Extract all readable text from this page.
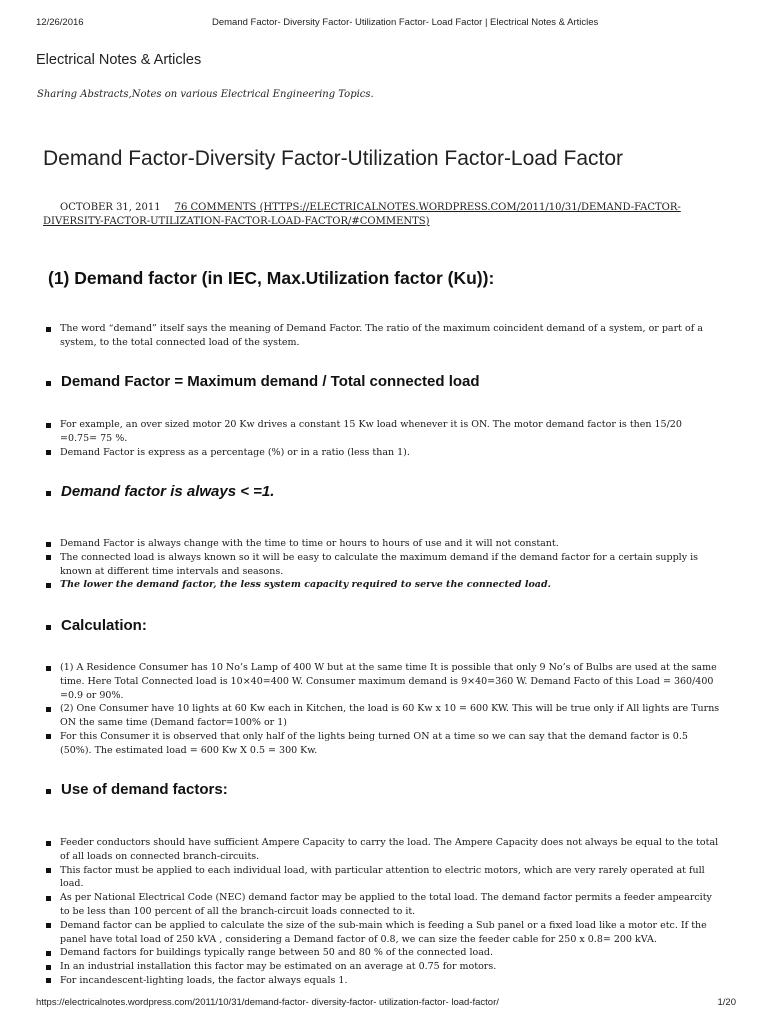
12/26/2016	Demand Factor- Diversity Factor- Utilization Factor- Load Factor | Electrical Notes & Articles
Electrical Notes & Articles
Sharing Abstracts,Notes on various Electrical Engineering Topics.
Demand Factor-Diversity Factor-Utilization Factor-Load Factor
OCTOBER 31, 2011 76 COMMENTS (HTTPS://ELECTRICALNOTES.WORDPRESS.COM/2011/10/31/DEMAND-FACTOR-DIVERSITY-FACTOR-UTILIZATION-FACTOR-LOAD-FACTOR/#COMMENTS)
(1) Demand factor (in IEC, Max.Utilization factor (Ku)):
The word “demand” itself says the meaning of Demand Factor. The ratio of the maximum coincident demand of a system, or part of a system, to the total connected load of the system.
Demand Factor = Maximum demand / Total connected load
For example, an over sized motor 20 Kw drives a constant 15 Kw load whenever it is ON. The motor demand factor is then 15/20 =0.75= 75 %.
Demand Factor is express as a percentage (%) or in a ratio (less than 1).
Demand factor is always < =1.
Demand Factor is always change with the time to time or hours to hours of use and it will not constant.
The connected load is always known so it will be easy to calculate the maximum demand if the demand factor for a certain supply is known at different time intervals and seasons.
The lower the demand factor, the less system capacity required to serve the connected load.
Calculation:
(1) A Residence Consumer has 10 No’s Lamp of 400 W but at the same time It is possible that only 9 No’s of Bulbs are used at the same time. Here Total Connected load is 10×40=400 W. Consumer maximum demand is 9×40=360 W. Demand Facto of this Load = 360/400 =0.9 or 90%.
(2) One Consumer have 10 lights at 60 Kw each in Kitchen, the load is 60 Kw x 10 = 600 KW. This will be true only if All lights are Turns ON the same time (Demand factor=100% or 1)
For this Consumer it is observed that only half of the lights being turned ON at a time so we can say that the demand factor is 0.5 (50%). The estimated load = 600 Kw X 0.5 = 300 Kw.
Use of demand factors:
Feeder conductors should have sufficient Ampere Capacity to carry the load. The Ampere Capacity does not always be equal to the total of all loads on connected branch-circuits.
This factor must be applied to each individual load, with particular attention to electric motors, which are very rarely operated at full load.
As per National Electrical Code (NEC) demand factor may be applied to the total load. The demand factor permits a feeder ampearcity to be less than 100 percent of all the branch-circuit loads connected to it.
Demand factor can be applied to calculate the size of the sub-main which is feeding a Sub panel or a fixed load like a motor etc. If the panel have total load of 250 kVA , considering a Demand factor of 0.8, we can size the feeder cable for 250 x 0.8= 200 kVA.
Demand factors for buildings typically range between 50 and 80 % of the connected load.
In an industrial installation this factor may be estimated on an average at 0.75 for motors.
For incandescent-lighting loads, the factor always equals 1.
https://electricalnotes.wordpress.com/2011/10/31/demand-factor- diversity-factor- utilization-factor- load-factor/	1/20
